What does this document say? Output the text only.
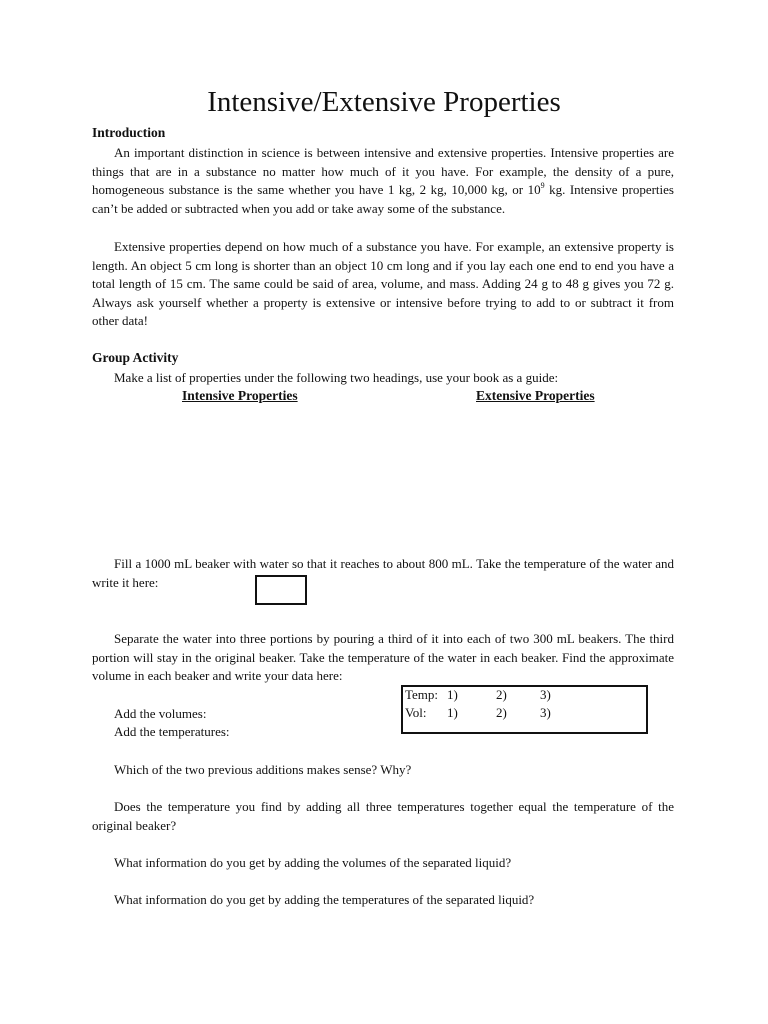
Intensive/Extensive Properties
Introduction
An important distinction in science is between intensive and extensive properties. Intensive properties are things that are in a substance no matter how much of it you have. For example, the density of a pure, homogeneous substance is the same whether you have 1 kg, 2 kg, 10,000 kg, or $10^9$ kg. Intensive properties can’t be added or subtracted when you add or take away some of the substance.
Extensive properties depend on how much of a substance you have. For example, an extensive property is length. An object 5 cm long is shorter than an object 10 cm long and if you lay each one end to end you have a total length of 15 cm. The same could be said of area, volume, and mass. Adding 24 g to 48 g gives you 72 g. Always ask yourself whether a property is extensive or intensive before trying to add to or subtract it from other data!
Group Activity
Make a list of properties under the following two headings, use your book as a guide:
Intensive Properties	Extensive Properties
Fill a 1000 mL beaker with water so that it reaches to about 800 mL. Take the temperature of the water and write it here:
Separate the water into three portions by pouring a third of it into each of two 300 mL beakers. The third portion will stay in the original beaker. Take the temperature of the water in each beaker. Find the approximate volume in each beaker and write your data here:
Temp: 1)	2)	3)
Vol: 1)	2)	3)
Add the volumes:
Add the temperatures:
Which of the two previous additions makes sense? Why?
Does the temperature you find by adding all three temperatures together equal the temperature of the original beaker?
What information do you get by adding the volumes of the separated liquid?
What information do you get by adding the temperatures of the separated liquid?
